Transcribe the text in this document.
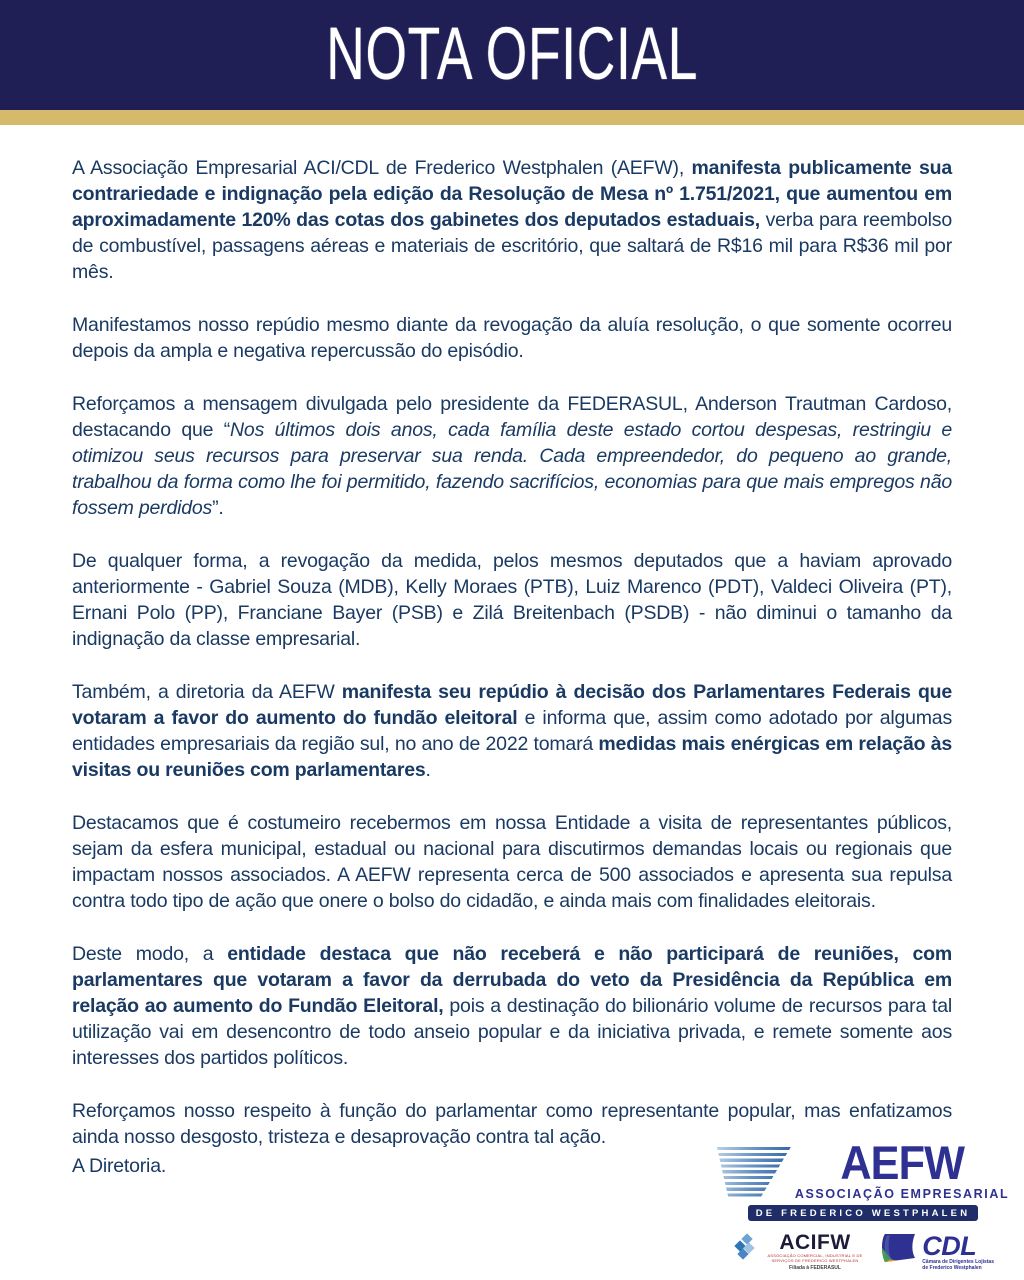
NOTA OFICIAL

A Associação Empresarial ACI/CDL de Frederico Westphalen (AEFW), manifesta publicamente sua contrariedade e indignação pela edição da Resolução de Mesa nº 1.751/2021, que aumentou em aproximadamente 120% das cotas dos gabinetes dos deputados estaduais, verba para reembolso de combustível, passagens aéreas e materiais de escritório, que saltará de R$16 mil para R$36 mil por mês.

Manifestamos nosso repúdio mesmo diante da revogação da aluía resolução, o que somente ocorreu depois da ampla e negativa repercussão do episódio.

Reforçamos a mensagem divulgada pelo presidente da FEDERASUL, Anderson Trautman Cardoso, destacando que “Nos últimos dois anos, cada família deste estado cortou despesas, restringiu e otimizou seus recursos para preservar sua renda. Cada empreendedor, do pequeno ao grande, trabalhou da forma como lhe foi permitido, fazendo sacrifícios, economias para que mais empregos não fossem perdidos”.

De qualquer forma, a revogação da medida, pelos mesmos deputados que a haviam aprovado anteriormente - Gabriel Souza (MDB), Kelly Moraes (PTB), Luiz Marenco (PDT), Valdeci Oliveira (PT), Ernani Polo (PP), Franciane Bayer (PSB) e Zilá Breitenbach (PSDB) - não diminui o tamanho da indignação da classe empresarial.

Também, a diretoria da AEFW manifesta seu repúdio à decisão dos Parlamentares Federais que votaram a favor do aumento do fundão eleitoral e informa que, assim como adotado por algumas entidades empresariais da região sul, no ano de 2022 tomará medidas mais enérgicas em relação às visitas ou reuniões com parlamentares.

Destacamos que é costumeiro recebermos em nossa Entidade a visita de representantes públicos, sejam da esfera municipal, estadual ou nacional para discutirmos demandas locais ou regionais que impactam nossos associados. A AEFW representa cerca de 500 associados e apresenta sua repulsa contra todo tipo de ação que onere o bolso do cidadão, e ainda mais com finalidades eleitorais.

Deste modo, a entidade destaca que não receberá e não participará de reuniões, com parlamentares que votaram a favor da derrubada do veto da Presidência da República em relação ao aumento do Fundão Eleitoral, pois a destinação do bilionário volume de recursos para tal utilização vai em desencontro de todo anseio popular e da iniciativa privada, e remete somente aos interesses dos partidos políticos.

Reforçamos nosso respeito à função do parlamentar como representante popular, mas enfatizamos ainda nosso desgosto, tristeza e desaprovação contra tal ação.

A Diretoria.	AEFW
ASSOCIAÇÃO EMPRESARIAL
DE FREDERICO WESTPHALEN
ACIFW
ASSOCIAÇÃO COMERCIAL, INDUSTRIAL E DE SERVIÇOS DE FREDERICO WESTPHALEN
Filiada à FEDERASUL
CDL
Câmara de Dirigentes Lojistas
de Frederico Westphalen
